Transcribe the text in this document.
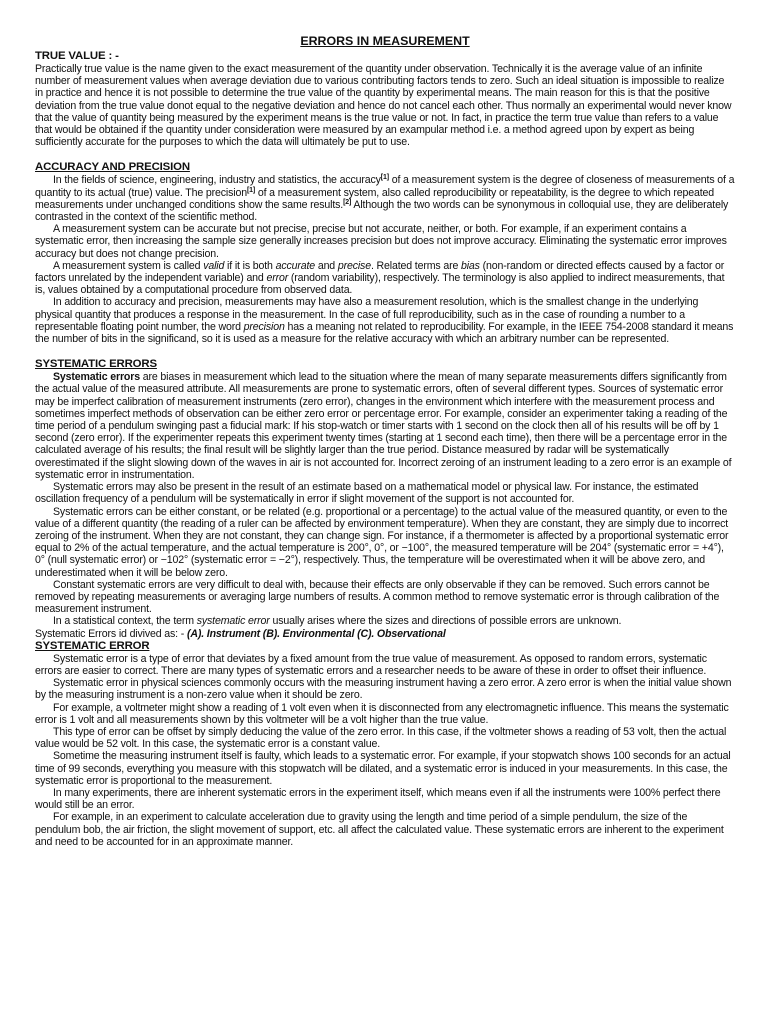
ERRORS IN MEASUREMENT
TRUE VALUE : -

Practically true value is the name given to the exact measurement of the quantity under observation. Technically it is the average value of an infinite number of measurement values when average deviation due to various contributing factors tends to zero. Such an ideal situation is impossible to realize in practice and hence it is not possible to determine the true value of the quantity by experimental means. The main reason for this is that the positive deviation from the true value donot equal to the negative deviation and hence do not cancel each other. Thus normally an experimental would never know that the value of quantity being measured by the experiment means is the true value or not. In fact, in practice the term true value than refers to a value that would be obtained if the quantity under consideration were measured by an exampular method i.e. a method agreed upon by expert as being sufficiently accurate for the purposes to which the data will ultimately be put to use.

ACCURACY AND PRECISION

In the fields of science, engineering, industry and statistics, the accuracy[1] of a measurement system is the degree of closeness of measurements of a quantity to its actual (true) value. The precision[1] of a measurement system, also called reproducibility or repeatability, is the degree to which repeated measurements under unchanged conditions show the same results.[2] Although the two words can be synonymous in colloquial use, they are deliberately contrasted in the context of the scientific method.

A measurement system can be accurate but not precise, precise but not accurate, neither, or both. For example, if an experiment contains a systematic error, then increasing the sample size generally increases precision but does not improve accuracy. Eliminating the systematic error improves accuracy but does not change precision.

A measurement system is called valid if it is both accurate and precise. Related terms are bias (non-random or directed effects caused by a factor or factors unrelated by the independent variable) and error (random variability), respectively. The terminology is also applied to indirect measurements, that is, values obtained by a computational procedure from observed data.

In addition to accuracy and precision, measurements may have also a measurement resolution, which is the smallest change in the underlying physical quantity that produces a response in the measurement. In the case of full reproducibility, such as in the case of rounding a number to a representable floating point number, the word precision has a meaning not related to reproducibility. For example, in the IEEE 754-2008 standard it means the number of bits in the significand, so it is used as a measure for the relative accuracy with which an arbitrary number can be represented.

SYSTEMATIC ERRORS

Systematic errors are biases in measurement which lead to the situation where the mean of many separate measurements differs significantly from the actual value of the measured attribute. All measurements are prone to systematic errors, often of several different types. Sources of systematic error may be imperfect calibration of measurement instruments (zero error), changes in the environment which interfere with the measurement process and sometimes imperfect methods of observation can be either zero error or percentage error. For example, consider an experimenter taking a reading of the time period of a pendulum swinging past a fiducial mark: If his stop-watch or timer starts with 1 second on the clock then all of his results will be off by 1 second (zero error). If the experimenter repeats this experiment twenty times (starting at 1 second each time), then there will be a percentage error in the calculated average of his results; the final result will be slightly larger than the true period. Distance measured by radar will be systematically overestimated if the slight slowing down of the waves in air is not accounted for. Incorrect zeroing of an instrument leading to a zero error is an example of systematic error in instrumentation.

Systematic errors may also be present in the result of an estimate based on a mathematical model or physical law. For instance, the estimated oscillation frequency of a pendulum will be systematically in error if slight movement of the support is not accounted for.

Systematic errors can be either constant, or be related (e.g. proportional or a percentage) to the actual value of the measured quantity, or even to the value of a different quantity (the reading of a ruler can be affected by environment temperature). When they are constant, they are simply due to incorrect zeroing of the instrument. When they are not constant, they can change sign. For instance, if a thermometer is affected by a proportional systematic error equal to 2% of the actual temperature, and the actual temperature is 200°, 0°, or −100°, the measured temperature will be 204° (systematic error = +4°), 0° (null systematic error) or −102° (systematic error = −2°), respectively. Thus, the temperature will be overestimated when it will be above zero, and underestimated when it will be below zero.

Constant systematic errors are very difficult to deal with, because their effects are only observable if they can be removed. Such errors cannot be removed by repeating measurements or averaging large numbers of results. A common method to remove systematic error is through calibration of the measurement instrument.

In a statistical context, the term systematic error usually arises where the sizes and directions of possible errors are unknown.

Systematic Errors id divived as: - (A). Instrument (B). Environmental (C). Observational

SYSTEMATIC ERROR

Systematic error is a type of error that deviates by a fixed amount from the true value of measurement. As opposed to random errors, systematic errors are easier to correct. There are many types of systematic errors and a researcher needs to be aware of these in order to offset their influence.

Systematic error in physical sciences commonly occurs with the measuring instrument having a zero error. A zero error is when the initial value shown by the measuring instrument is a non-zero value when it should be zero.

For example, a voltmeter might show a reading of 1 volt even when it is disconnected from any electromagnetic influence. This means the systematic error is 1 volt and all measurements shown by this voltmeter will be a volt higher than the true value.

This type of error can be offset by simply deducing the value of the zero error. In this case, if the voltmeter shows a reading of 53 volt, then the actual value would be 52 volt. In this case, the systematic error is a constant value.

Sometime the measuring instrument itself is faulty, which leads to a systematic error. For example, if your stopwatch shows 100 seconds for an actual time of 99 seconds, everything you measure with this stopwatch will be dilated, and a systematic error is induced in your measurements. In this case, the systematic error is proportional to the measurement.

In many experiments, there are inherent systematic errors in the experiment itself, which means even if all the instruments were 100% perfect there would still be an error.

For example, in an experiment to calculate acceleration due to gravity using the length and time period of a simple pendulum, the size of the pendulum bob, the air friction, the slight movement of support, etc. all affect the calculated value. These systematic errors are inherent to the experiment and need to be accounted for in an approximate manner.
